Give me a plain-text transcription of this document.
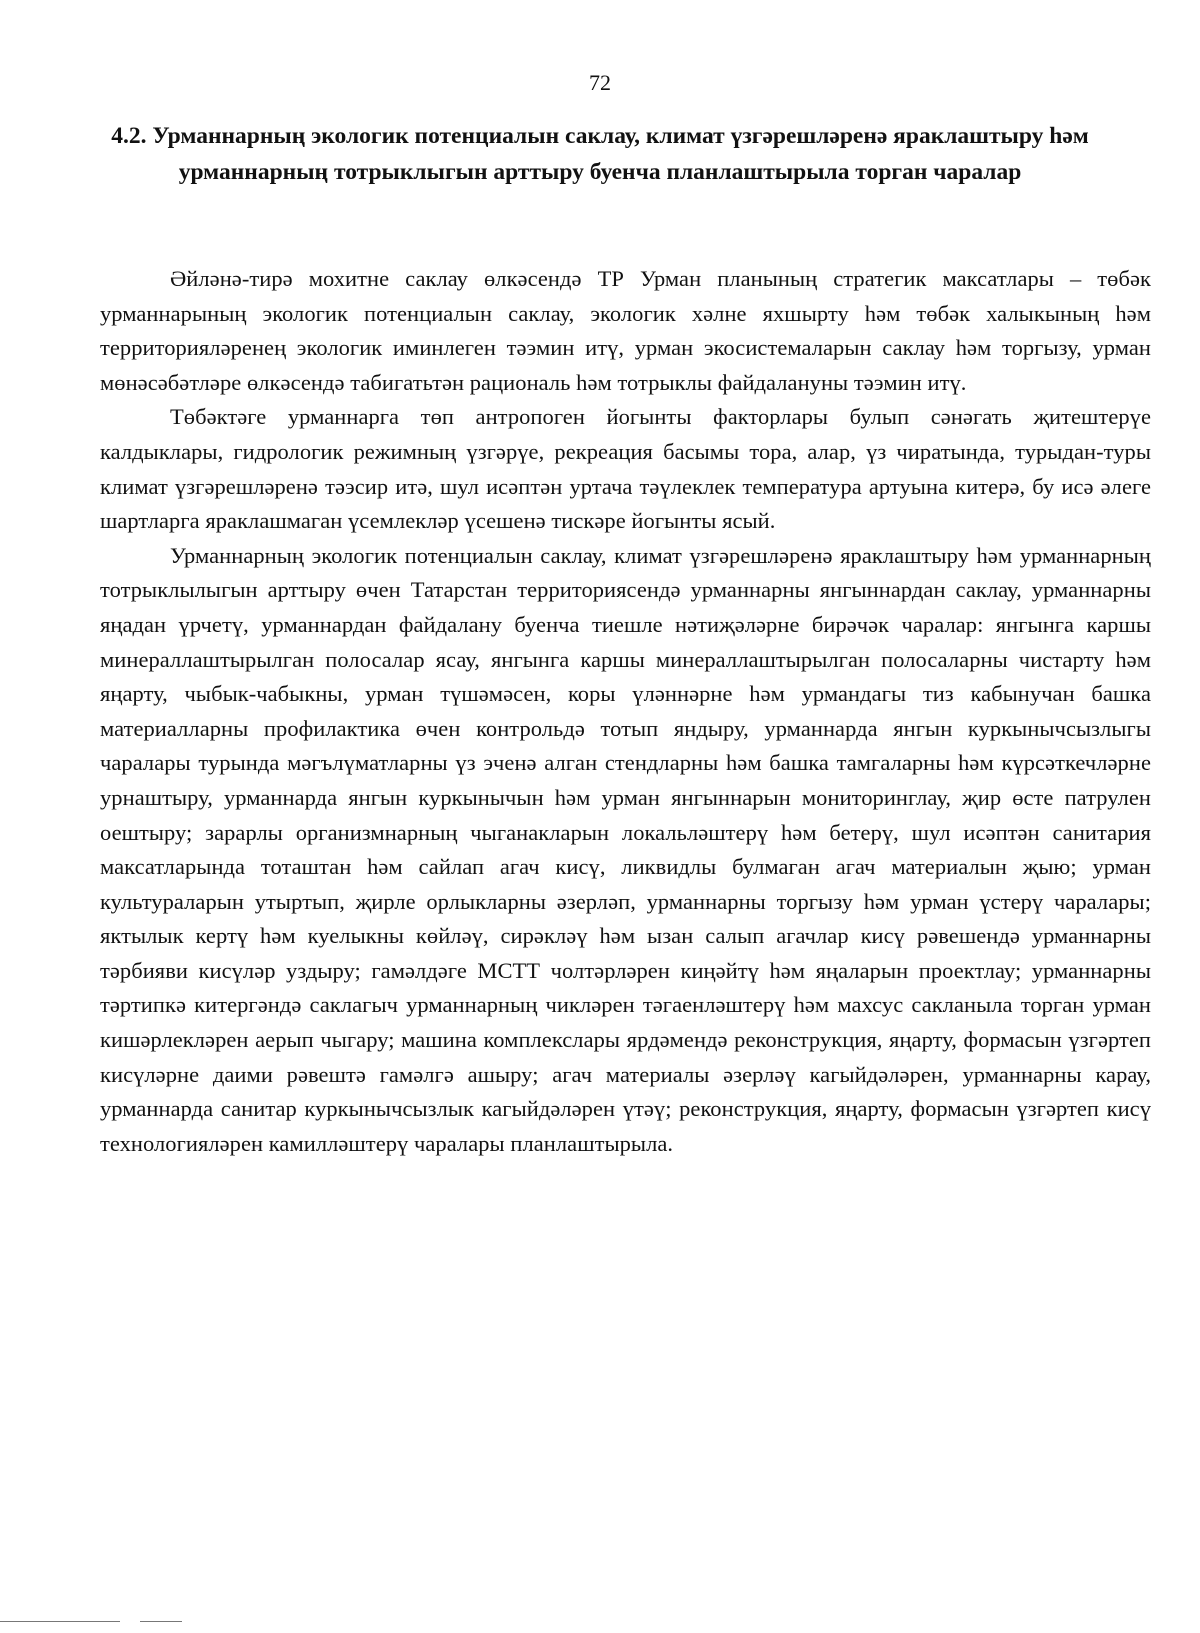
72
4.2. Урманнарның экологик потенциалын саклау, климат үзгәрешләренә яраклаштыру һәм урманнарның тотрыклыгын арттыру буенча планлаштырыла торган чаралар

Әйләнә-тирә мохитне саклау өлкәсендә ТР Урман планының стратегик максатлары – төбәк урманнарының экологик потенциалын саклау, экологик хәлне яхшырту һәм төбәк халыкының һәм территорияләренең экологик иминлеген тәэмин итү, урман экосистемаларын саклау һәм торгызу, урман мөнәсәбәтләре өлкәсендә табигатьтән рациональ һәм тотрыклы файдалануны тәэмин итү.

Төбәктәге урманнарга төп антропоген йогынты факторлары булып сәнәгать җитештерүе калдыклары, гидрологик режимның үзгәрүе, рекреация басымы тора, алар, үз чиратында, турыдан-туры климат үзгәрешләренә тәэсир итә, шул исәптән уртача тәүлеклек температура артуына китерә, бу исә әлеге шартларга яраклашмаган үсемлекләр үсешенә тискәре йогынты ясый.

Урманнарның экологик потенциалын саклау, климат үзгәрешләренә яраклаштыру һәм урманнарның тотрыклылыгын арттыру өчен Татарстан территориясендә урманнарны янгыннардан саклау, урманнарны яңадан үрчетү, урманнардан файдалану буенча тиешле нәтиҗәләрне бирәчәк чаралар: янгынга каршы минераллаштырылган полосалар ясау, янгынга каршы минераллаштырылган полосаларны чистарту һәм яңарту, чыбык-чабыкны, урман түшәмәсен, коры үләннәрне һәм урмандагы тиз кабынучан башка материалларны профилактика өчен контрольдә тотып яндыру, урманнарда янгын куркынычсызлыгы чаралары турында мәгълүматларны үз эченә алган стендларны һәм башка тамгаларны һәм күрсәткечләрне урнаштыру, урманнарда янгын куркынычын һәм урман янгыннарын мониторинглау, җир өсте патрулен оештыру; зарарлы организмнарның чыганакларын локальләштерү һәм бетерү, шул исәптән санитария максатларында тоташтан һәм сайлап агач кисү, ликвидлы булмаган агач материалын җыю; урман культураларын утыртып, җирле орлыкларны әзерләп, урманнарны торгызу һәм урман үстерү чаралары; яктылык кертү һәм куелыкны көйләү, сирәкләү һәм ызан салып агачлар кисү рәвешендә урманнарны тәрбияви кисүләр уздыру; гамәлдәге МСТТ чолтәрләрен киңәйтү һәм яңаларын проектлау; урманнарны тәртипкә китергәндә саклагыч урманнарның чикләрен тәгаенләштерү һәм махсус сакланыла торган урман кишәрлекләрен аерып чыгару; машина комплекслары ярдәмендә реконструкция, яңарту, формасын үзгәртеп кисүләрне даими рәвештә гамәлгә ашыру; агач материалы әзерләү кагыйдәләрен, урманнарны карау, урманнарда санитар куркынычсызлык кагыйдәләрен үтәү; реконструкция, яңарту, формасын үзгәртеп кисү технологияләрен камилләштерү чаралары планлаштырыла.
